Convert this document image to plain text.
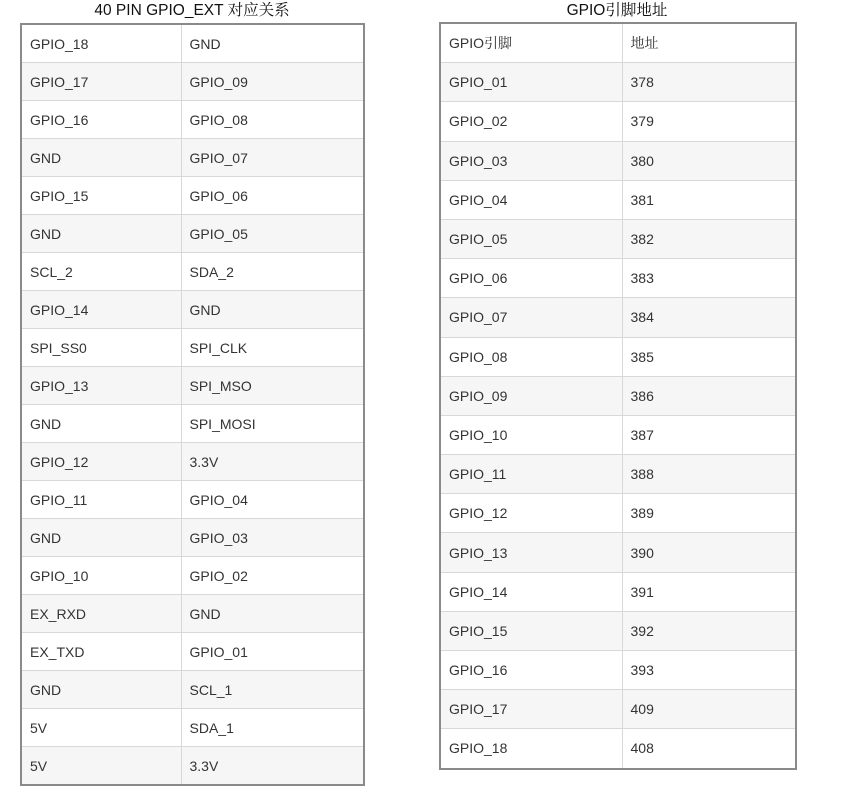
40 PIN GPIO_EXT 对应关系
GPIO_18	GND
GPIO_17	GPIO_09
GPIO_16	GPIO_08
GND	GPIO_07
GPIO_15	GPIO_06
GND	GPIO_05
SCL_2	SDA_2
GPIO_14	GND
SPI_SS0	SPI_CLK
GPIO_13	SPI_MSO
GND	SPI_MOSI
GPIO_12	3.3V
GPIO_11	GPIO_04
GND	GPIO_03
GPIO_10	GPIO_02
EX_RXD	GND
EX_TXD	GPIO_01
GND	SCL_1
5V	SDA_1
5V	3.3V
GPIO引脚地址
GPIO引脚	地址
GPIO_01	378
GPIO_02	379
GPIO_03	380
GPIO_04	381
GPIO_05	382
GPIO_06	383
GPIO_07	384
GPIO_08	385
GPIO_09	386
GPIO_10	387
GPIO_11	388
GPIO_12	389
GPIO_13	390
GPIO_14	391
GPIO_15	392
GPIO_16	393
GPIO_17	409
GPIO_18	408
